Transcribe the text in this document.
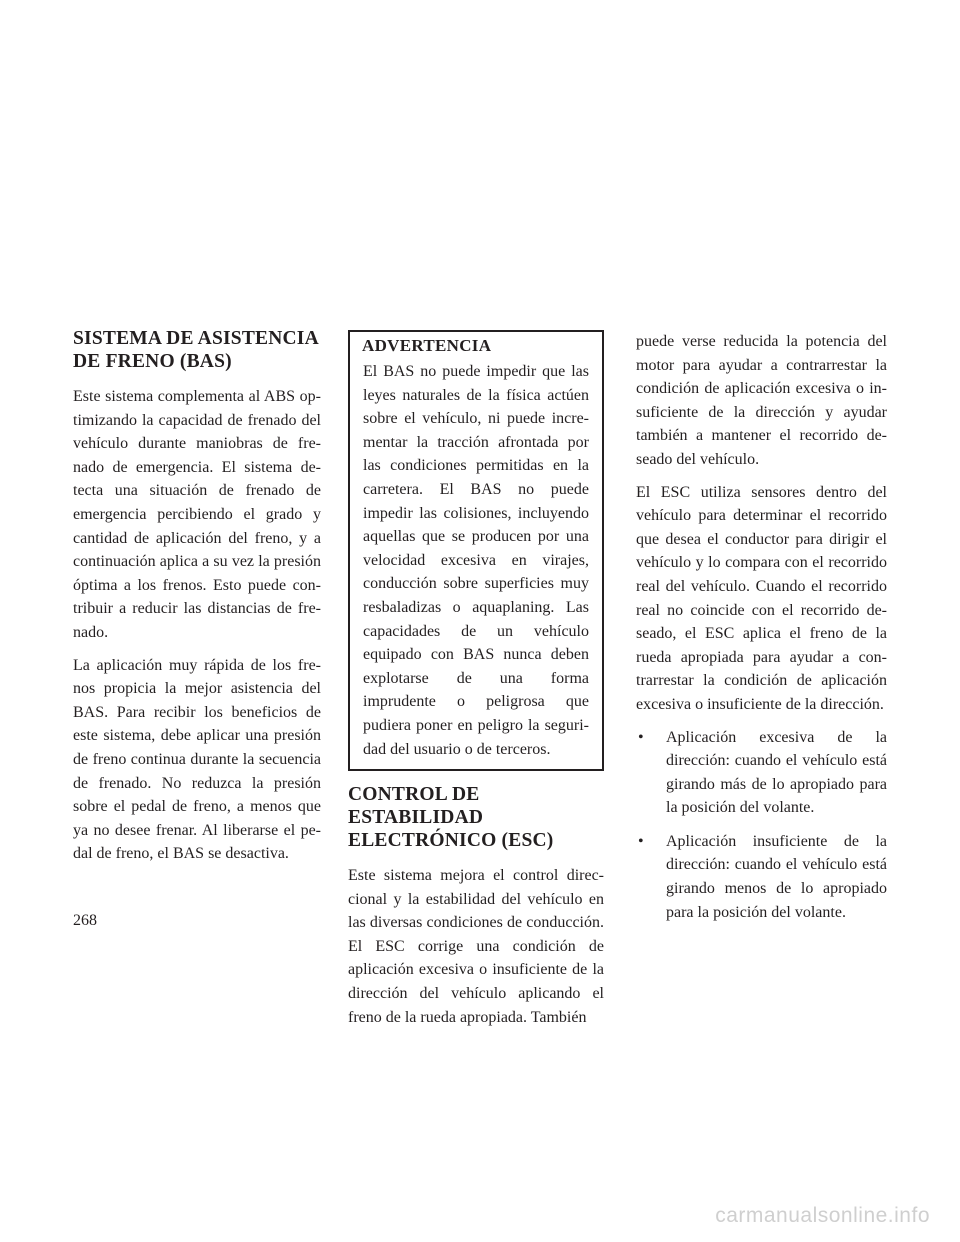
SISTEMA DE ASISTENCIA DE FRENO (BAS)

Este sistema complementa al ABS optimizando la capacidad de frenado del vehículo durante maniobras de frenado de emergencia. El sistema detecta una situación de frenado de emergencia percibiendo el grado y cantidad de aplicación del freno, y a continuación aplica a su vez la presión óptima a los frenos. Esto puede contribuir a reducir las distancias de frenado.

La aplicación muy rápida de los frenos propicia la mejor asistencia del BAS. Para recibir los beneficios de este sistema, debe aplicar una presión de freno continua durante la secuencia de frenado. No reduzca la presión sobre el pedal de freno, a menos que ya no desee frenar. Al liberarse el pedal de freno, el BAS se desactiva.

ADVERTENCIA

El BAS no puede impedir que las leyes naturales de la física actúen sobre el vehículo, ni puede incrementar la tracción afrontada por las condiciones permitidas en la carretera. El BAS no puede impedir las colisiones, incluyendo aquellas que se producen por una velocidad excesiva en virajes, conducción sobre superficies muy resbaladizas o aquaplaning. Las capacidades de un vehículo equipado con BAS nunca deben explotarse de una forma imprudente o peligrosa que pudiera poner en peligro la seguridad del usuario o de terceros.

CONTROL DE
ESTABILIDAD
ELECTRÓNICO (ESC)

Este sistema mejora el control direccional y la estabilidad del vehículo en las diversas condiciones de conducción. El ESC corrige una condición de aplicación excesiva o insuficiente de la dirección del vehículo aplicando el freno de la rueda apropiada. También

puede verse reducida la potencia del motor para ayudar a contrarrestar la condición de aplicación excesiva o insuficiente de la dirección y ayudar también a mantener el recorrido deseado del vehículo.

El ESC utiliza sensores dentro del vehículo para determinar el recorrido que desea el conductor para dirigir el vehículo y lo compara con el recorrido real del vehículo. Cuando el recorrido real no coincide con el recorrido deseado, el ESC aplica el freno de la rueda apropiada para ayudar a contrarrestar la condición de aplicación excesiva o insuficiente de la dirección.

• Aplicación excesiva de la dirección: cuando el vehículo está girando más de lo apropiado para la posición del volante.
• Aplicación insuficiente de la dirección: cuando el vehículo está girando menos de lo apropiado para la posición del volante.
268
carmanualsonline.info
